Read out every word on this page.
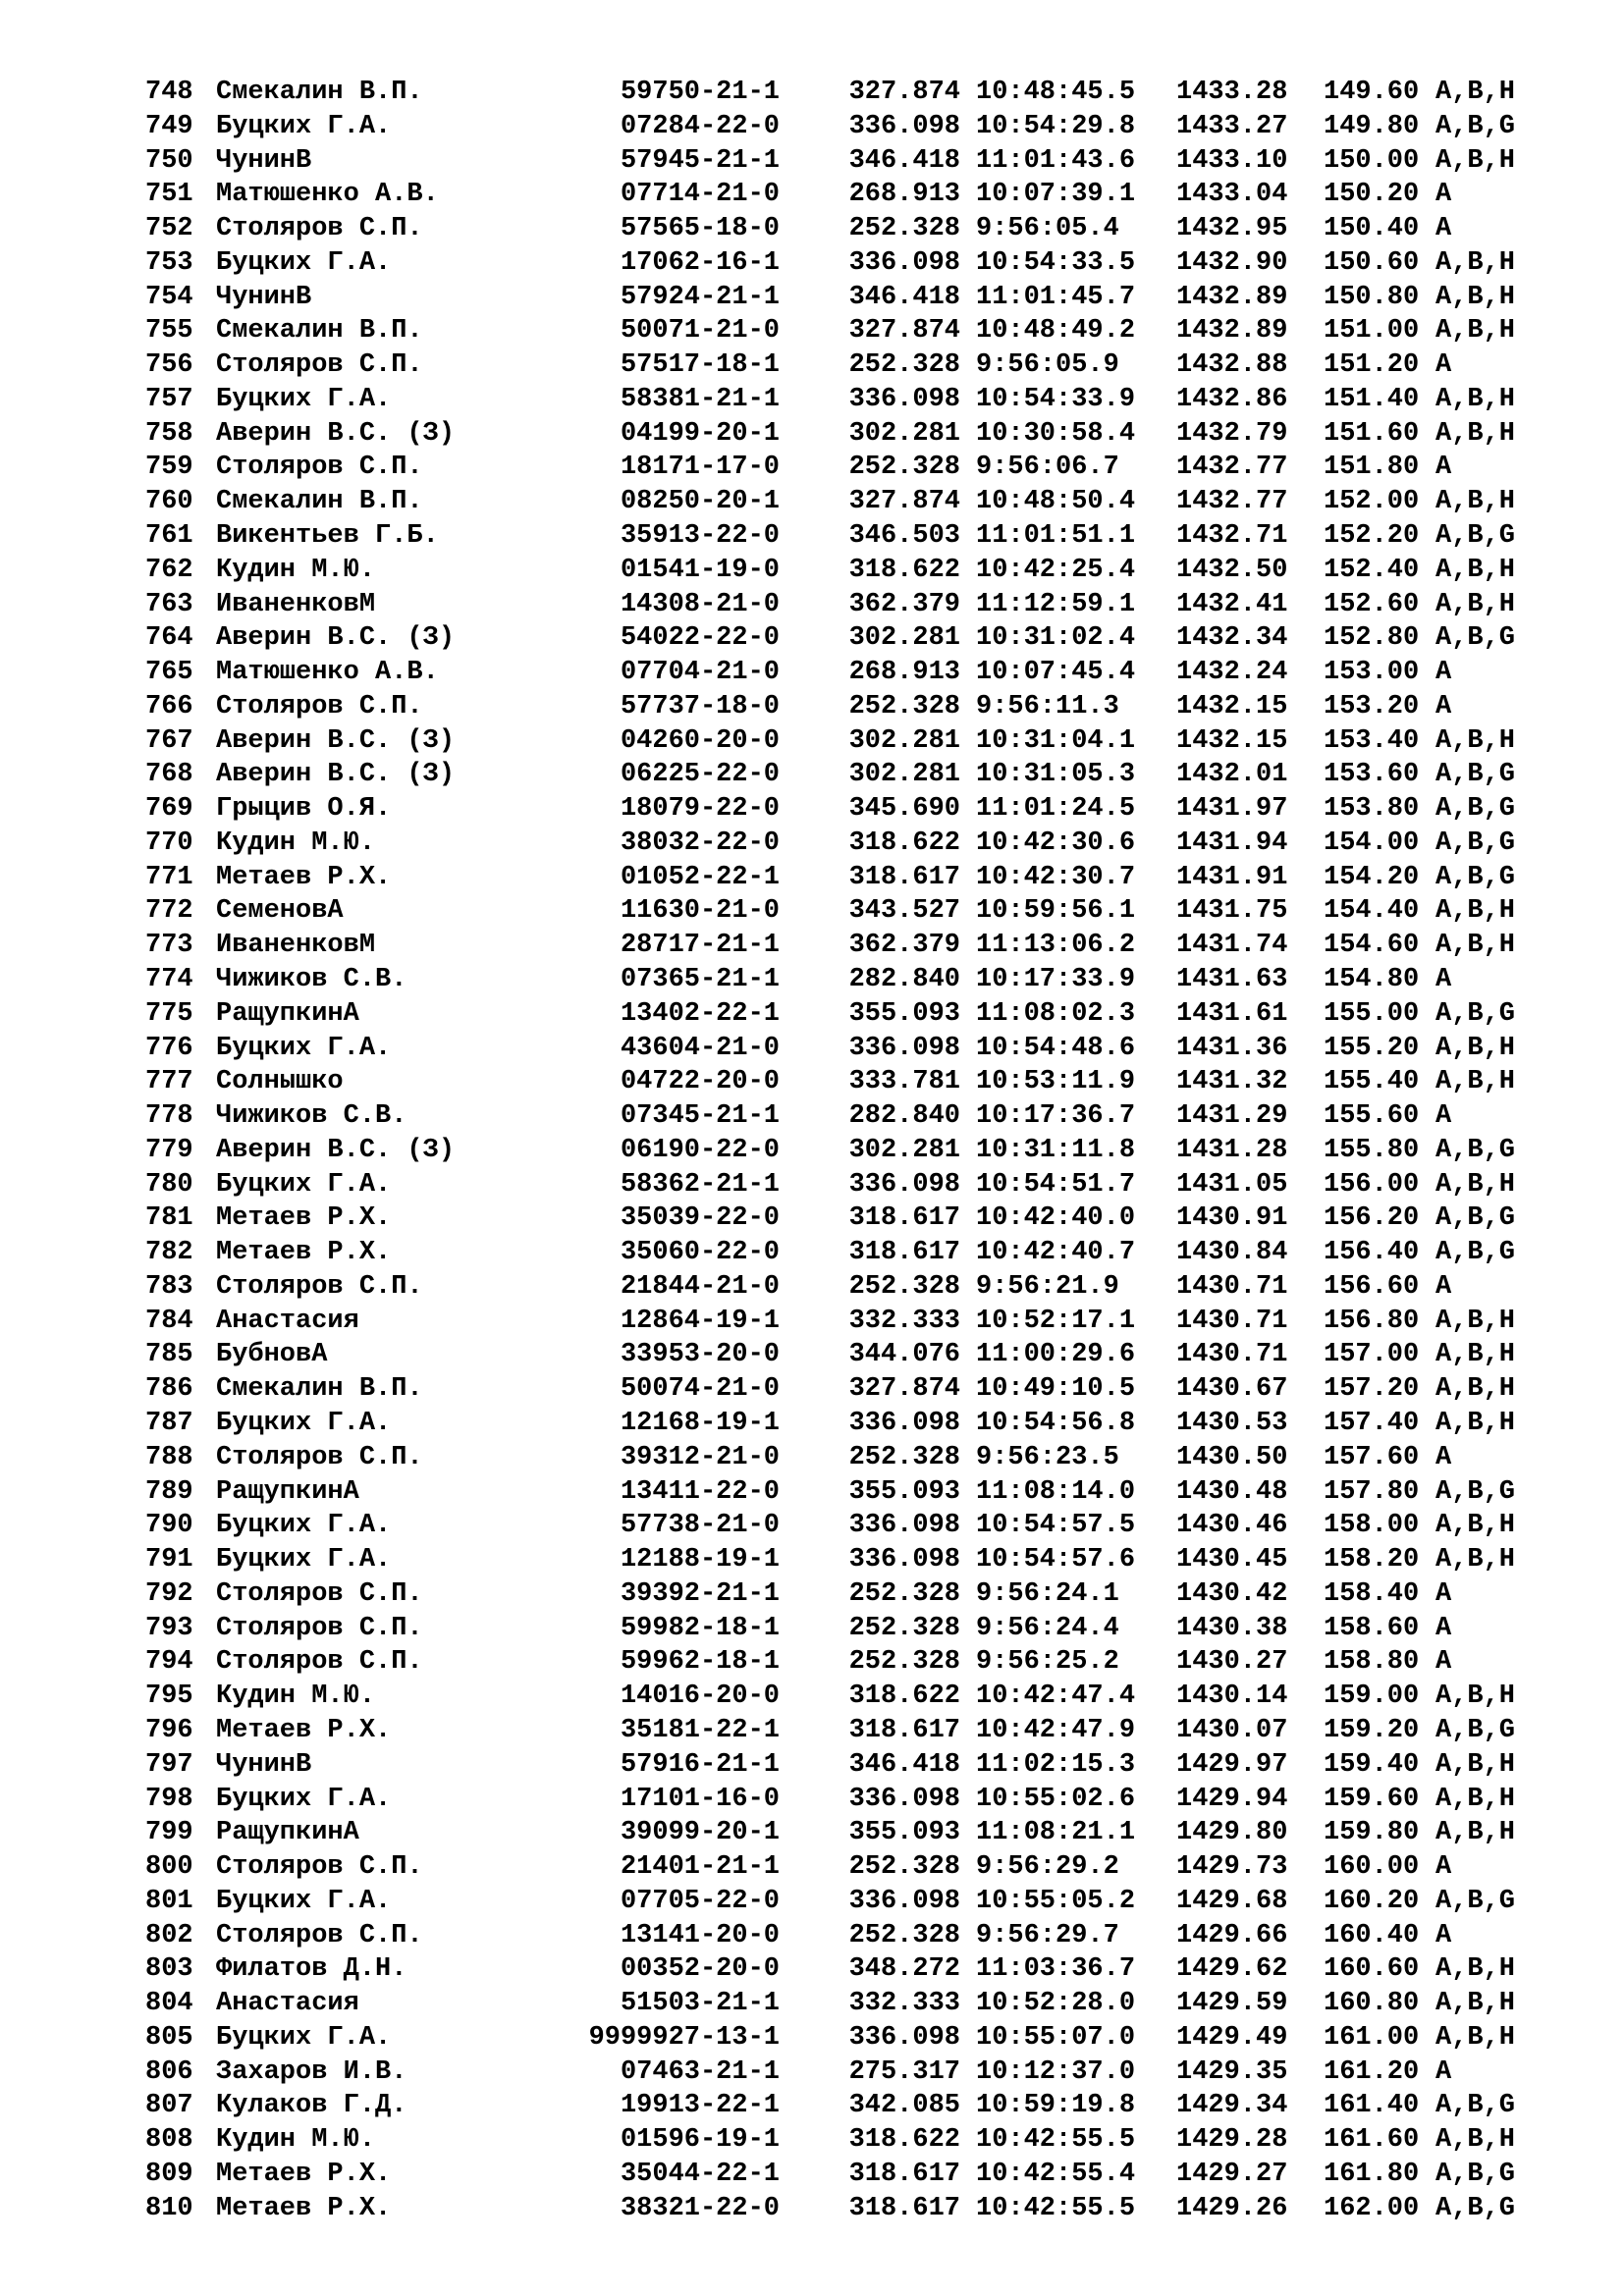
748 Смекалин В.П.	59750-21-1	327.874 10:48:45.5 1433.28 149.60 A,B,H
749 Буцких Г.А.	07284-22-0	336.098 10:54:29.8 1433.27 149.80 A,B,G
750 ЧунинВ	57945-21-1	346.418 11:01:43.6 1433.10 150.00 A,B,H
751 Матюшенко А.В.	07714-21-0	268.913 10:07:39.1 1433.04 150.20 A
752 Столяров С.П.	57565-18-0	252.328 9:56:05.4 1432.95 150.40 A
753 Буцких Г.А.	17062-16-1	336.098 10:54:33.5 1432.90 150.60 A,B,H
754 ЧунинВ	57924-21-1	346.418 11:01:45.7 1432.89 150.80 A,B,H
755 Смекалин В.П.	50071-21-0	327.874 10:48:49.2 1432.89 151.00 A,B,H
756 Столяров С.П.	57517-18-1	252.328 9:56:05.9 1432.88 151.20 A
757 Буцких Г.А.	58381-21-1	336.098 10:54:33.9 1432.86 151.40 A,B,H
758 Аверин В.С. (З)	04199-20-1	302.281 10:30:58.4 1432.79 151.60 A,B,H
759 Столяров С.П.	18171-17-0	252.328 9:56:06.7 1432.77 151.80 A
760 Смекалин В.П.	08250-20-1	327.874 10:48:50.4 1432.77 152.00 A,B,H
761 Викентьев Г.Б.	35913-22-0	346.503 11:01:51.1 1432.71 152.20 A,B,G
762 Кудин М.Ю.	01541-19-0	318.622 10:42:25.4 1432.50 152.40 A,B,H
763 ИваненковМ	14308-21-0	362.379 11:12:59.1 1432.41 152.60 A,B,H
764 Аверин В.С. (З)	54022-22-0	302.281 10:31:02.4 1432.34 152.80 A,B,G
765 Матюшенко А.В.	07704-21-0	268.913 10:07:45.4 1432.24 153.00 A
766 Столяров С.П.	57737-18-0	252.328 9:56:11.3 1432.15 153.20 A
767 Аверин В.С. (З)	04260-20-0	302.281 10:31:04.1 1432.15 153.40 A,B,H
768 Аверин В.С. (З)	06225-22-0	302.281 10:31:05.3 1432.01 153.60 A,B,G
769 Грыцив О.Я.	18079-22-0	345.690 11:01:24.5 1431.97 153.80 A,B,G
770 Кудин М.Ю.	38032-22-0	318.622 10:42:30.6 1431.94 154.00 A,B,G
771 Метаев Р.Х.	01052-22-1	318.617 10:42:30.7 1431.91 154.20 A,B,G
772 СеменовА	11630-21-0	343.527 10:59:56.1 1431.75 154.40 A,B,H
773 ИваненковМ	28717-21-1	362.379 11:13:06.2 1431.74 154.60 A,B,H
774 Чижиков С.В.	07365-21-1	282.840 10:17:33.9 1431.63 154.80 A
775 РащупкинА	13402-22-1	355.093 11:08:02.3 1431.61 155.00 A,B,G
776 Буцких Г.А.	43604-21-0	336.098 10:54:48.6 1431.36 155.20 A,B,H
777 Солнышко	04722-20-0	333.781 10:53:11.9 1431.32 155.40 A,B,H
778 Чижиков С.В.	07345-21-1	282.840 10:17:36.7 1431.29 155.60 A
779 Аверин В.С. (З)	06190-22-0	302.281 10:31:11.8 1431.28 155.80 A,B,G
780 Буцких Г.А.	58362-21-1	336.098 10:54:51.7 1431.05 156.00 A,B,H
781 Метаев Р.Х.	35039-22-0	318.617 10:42:40.0 1430.91 156.20 A,B,G
782 Метаев Р.Х.	35060-22-0	318.617 10:42:40.7 1430.84 156.40 A,B,G
783 Столяров С.П.	21844-21-0	252.328 9:56:21.9 1430.71 156.60 A
784 Анастасия	12864-19-1	332.333 10:52:17.1 1430.71 156.80 A,B,H
785 БубновА	33953-20-0	344.076 11:00:29.6 1430.71 157.00 A,B,H
786 Смекалин В.П.	50074-21-0	327.874 10:49:10.5 1430.67 157.20 A,B,H
787 Буцких Г.А.	12168-19-1	336.098 10:54:56.8 1430.53 157.40 A,B,H
788 Столяров С.П.	39312-21-0	252.328 9:56:23.5 1430.50 157.60 A
789 РащупкинА	13411-22-0	355.093 11:08:14.0 1430.48 157.80 A,B,G
790 Буцких Г.А.	57738-21-0	336.098 10:54:57.5 1430.46 158.00 A,B,H
791 Буцких Г.А.	12188-19-1	336.098 10:54:57.6 1430.45 158.20 A,B,H
792 Столяров С.П.	39392-21-1	252.328 9:56:24.1 1430.42 158.40 A
793 Столяров С.П.	59982-18-1	252.328 9:56:24.4 1430.38 158.60 A
794 Столяров С.П.	59962-18-1	252.328 9:56:25.2 1430.27 158.80 A
795 Кудин М.Ю.	14016-20-0	318.622 10:42:47.4 1430.14 159.00 A,B,H
796 Метаев Р.Х.	35181-22-1	318.617 10:42:47.9 1430.07 159.20 A,B,G
797 ЧунинВ	57916-21-1	346.418 11:02:15.3 1429.97 159.40 A,B,H
798 Буцких Г.А.	17101-16-0	336.098 10:55:02.6 1429.94 159.60 A,B,H
799 РащупкинА	39099-20-1	355.093 11:08:21.1 1429.80 159.80 A,B,H
800 Столяров С.П.	21401-21-1	252.328 9:56:29.2 1429.73 160.00 A
801 Буцких Г.А.	07705-22-0	336.098 10:55:05.2 1429.68 160.20 A,B,G
802 Столяров С.П.	13141-20-0	252.328 9:56:29.7 1429.66 160.40 A
803 Филатов Д.Н.	00352-20-0	348.272 11:03:36.7 1429.62 160.60 A,B,H
804 Анастасия	51503-21-1	332.333 10:52:28.0 1429.59 160.80 A,B,H
805 Буцких Г.А.	9999927-13-1	336.098 10:55:07.0 1429.49 161.00 A,B,H
806 Захаров И.В.	07463-21-1	275.317 10:12:37.0 1429.35 161.20 A
807 Кулаков Г.Д.	19913-22-1	342.085 10:59:19.8 1429.34 161.40 A,B,G
808 Кудин М.Ю.	01596-19-1	318.622 10:42:55.5 1429.28 161.60 A,B,H
809 Метаев Р.Х.	35044-22-1	318.617 10:42:55.4 1429.27 161.80 A,B,G
810 Метаев Р.Х.	38321-22-0	318.617 10:42:55.5 1429.26 162.00 A,B,G
